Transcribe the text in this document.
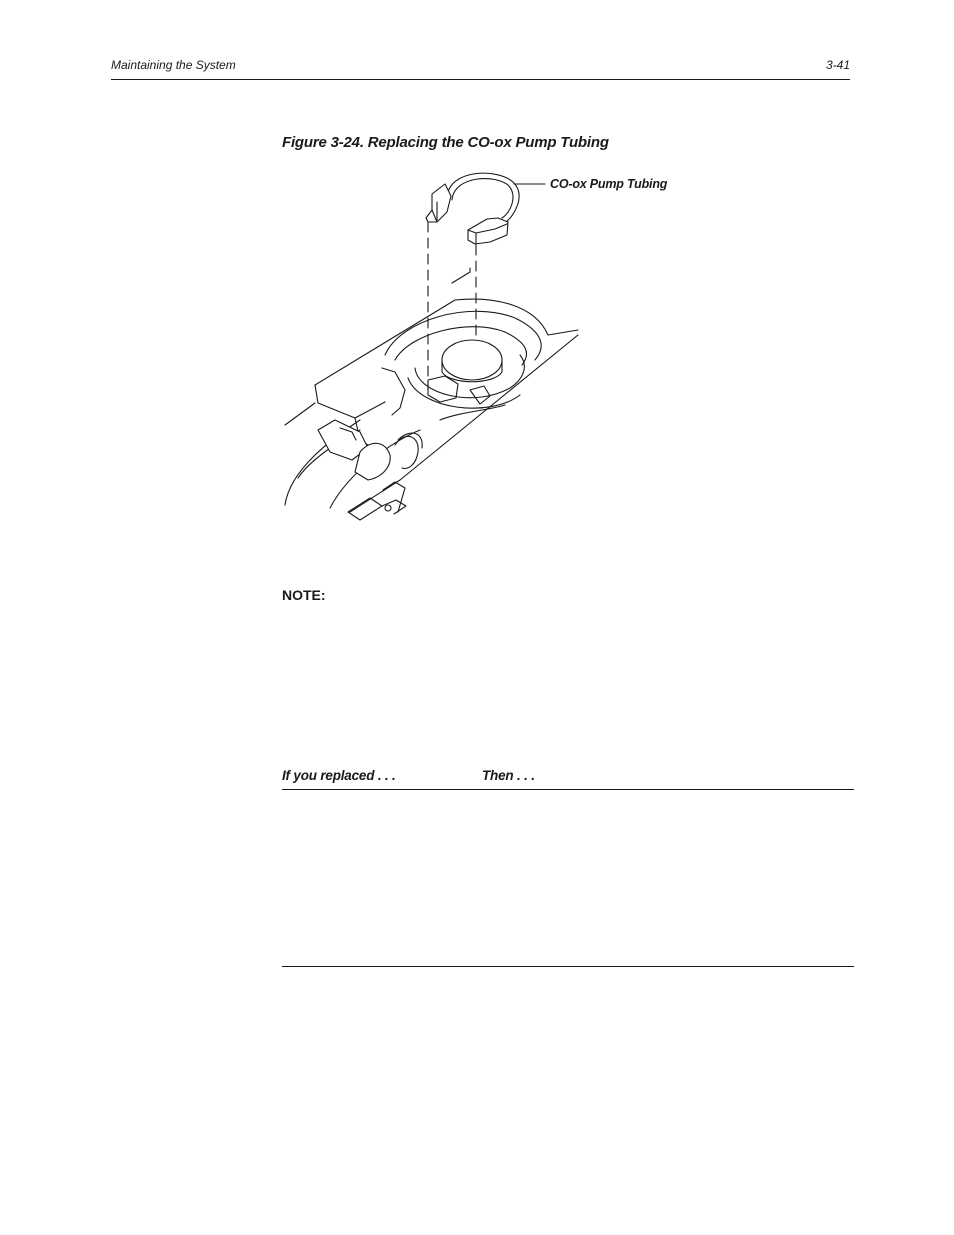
Maintaining the System	3-41
Figure 3-24. Replacing the CO-ox Pump Tubing
CO-ox Pump Tubing
NOTE:
If you replaced . . .	Then . . .
